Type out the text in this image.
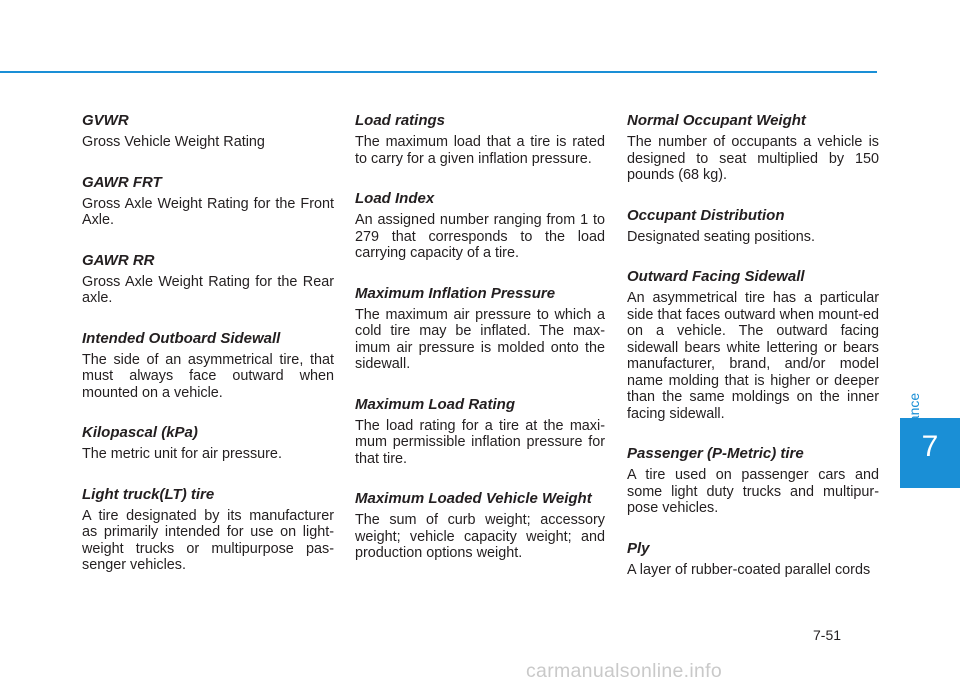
GVWR
Gross Vehicle Weight Rating
GAWR FRT
Gross Axle Weight Rating for the Front Axle.
GAWR RR
Gross Axle Weight Rating for the Rear axle.
Intended Outboard Sidewall
The side of an asymmetrical tire, that must always face outward when mounted on a vehicle.
Kilopascal (kPa)
The metric unit for air pressure.
Light truck(LT) tire
A tire designated by its manufacturer as primarily intended for use on light-weight trucks or multipurpose pas-senger vehicles.
Load ratings
The maximum load that a tire is rated to carry for a given inflation pressure.
Load Index
An assigned number ranging from 1 to 279 that corresponds to the load carrying capacity of a tire.
Maximum Inflation Pressure
The maximum air pressure to which a cold tire may be inflated. The max-imum air pressure is molded onto the sidewall.
Maximum Load Rating
The load rating for a tire at the maxi-mum permissible inflation pressure for that tire.
Maximum Loaded Vehicle Weight
The sum of curb weight; accessory weight; vehicle capacity weight; and production options weight.
Normal Occupant Weight
The number of occupants a vehicle is designed to seat multiplied by 150 pounds (68 kg).
Occupant Distribution
Designated seating positions.
Outward Facing Sidewall
An asymmetrical tire has a particular side that faces outward when mount-ed on a vehicle. The outward facing sidewall bears white lettering or bears manufacturer, brand, and/or model name molding that is higher or deeper than the same moldings on the inner facing sidewall.
Passenger (P-Metric) tire
A tire used on passenger cars and some light duty trucks and multipur-pose vehicles.
Ply
A layer of rubber-coated parallel cords
7
7-51
carmanualsonline.info
